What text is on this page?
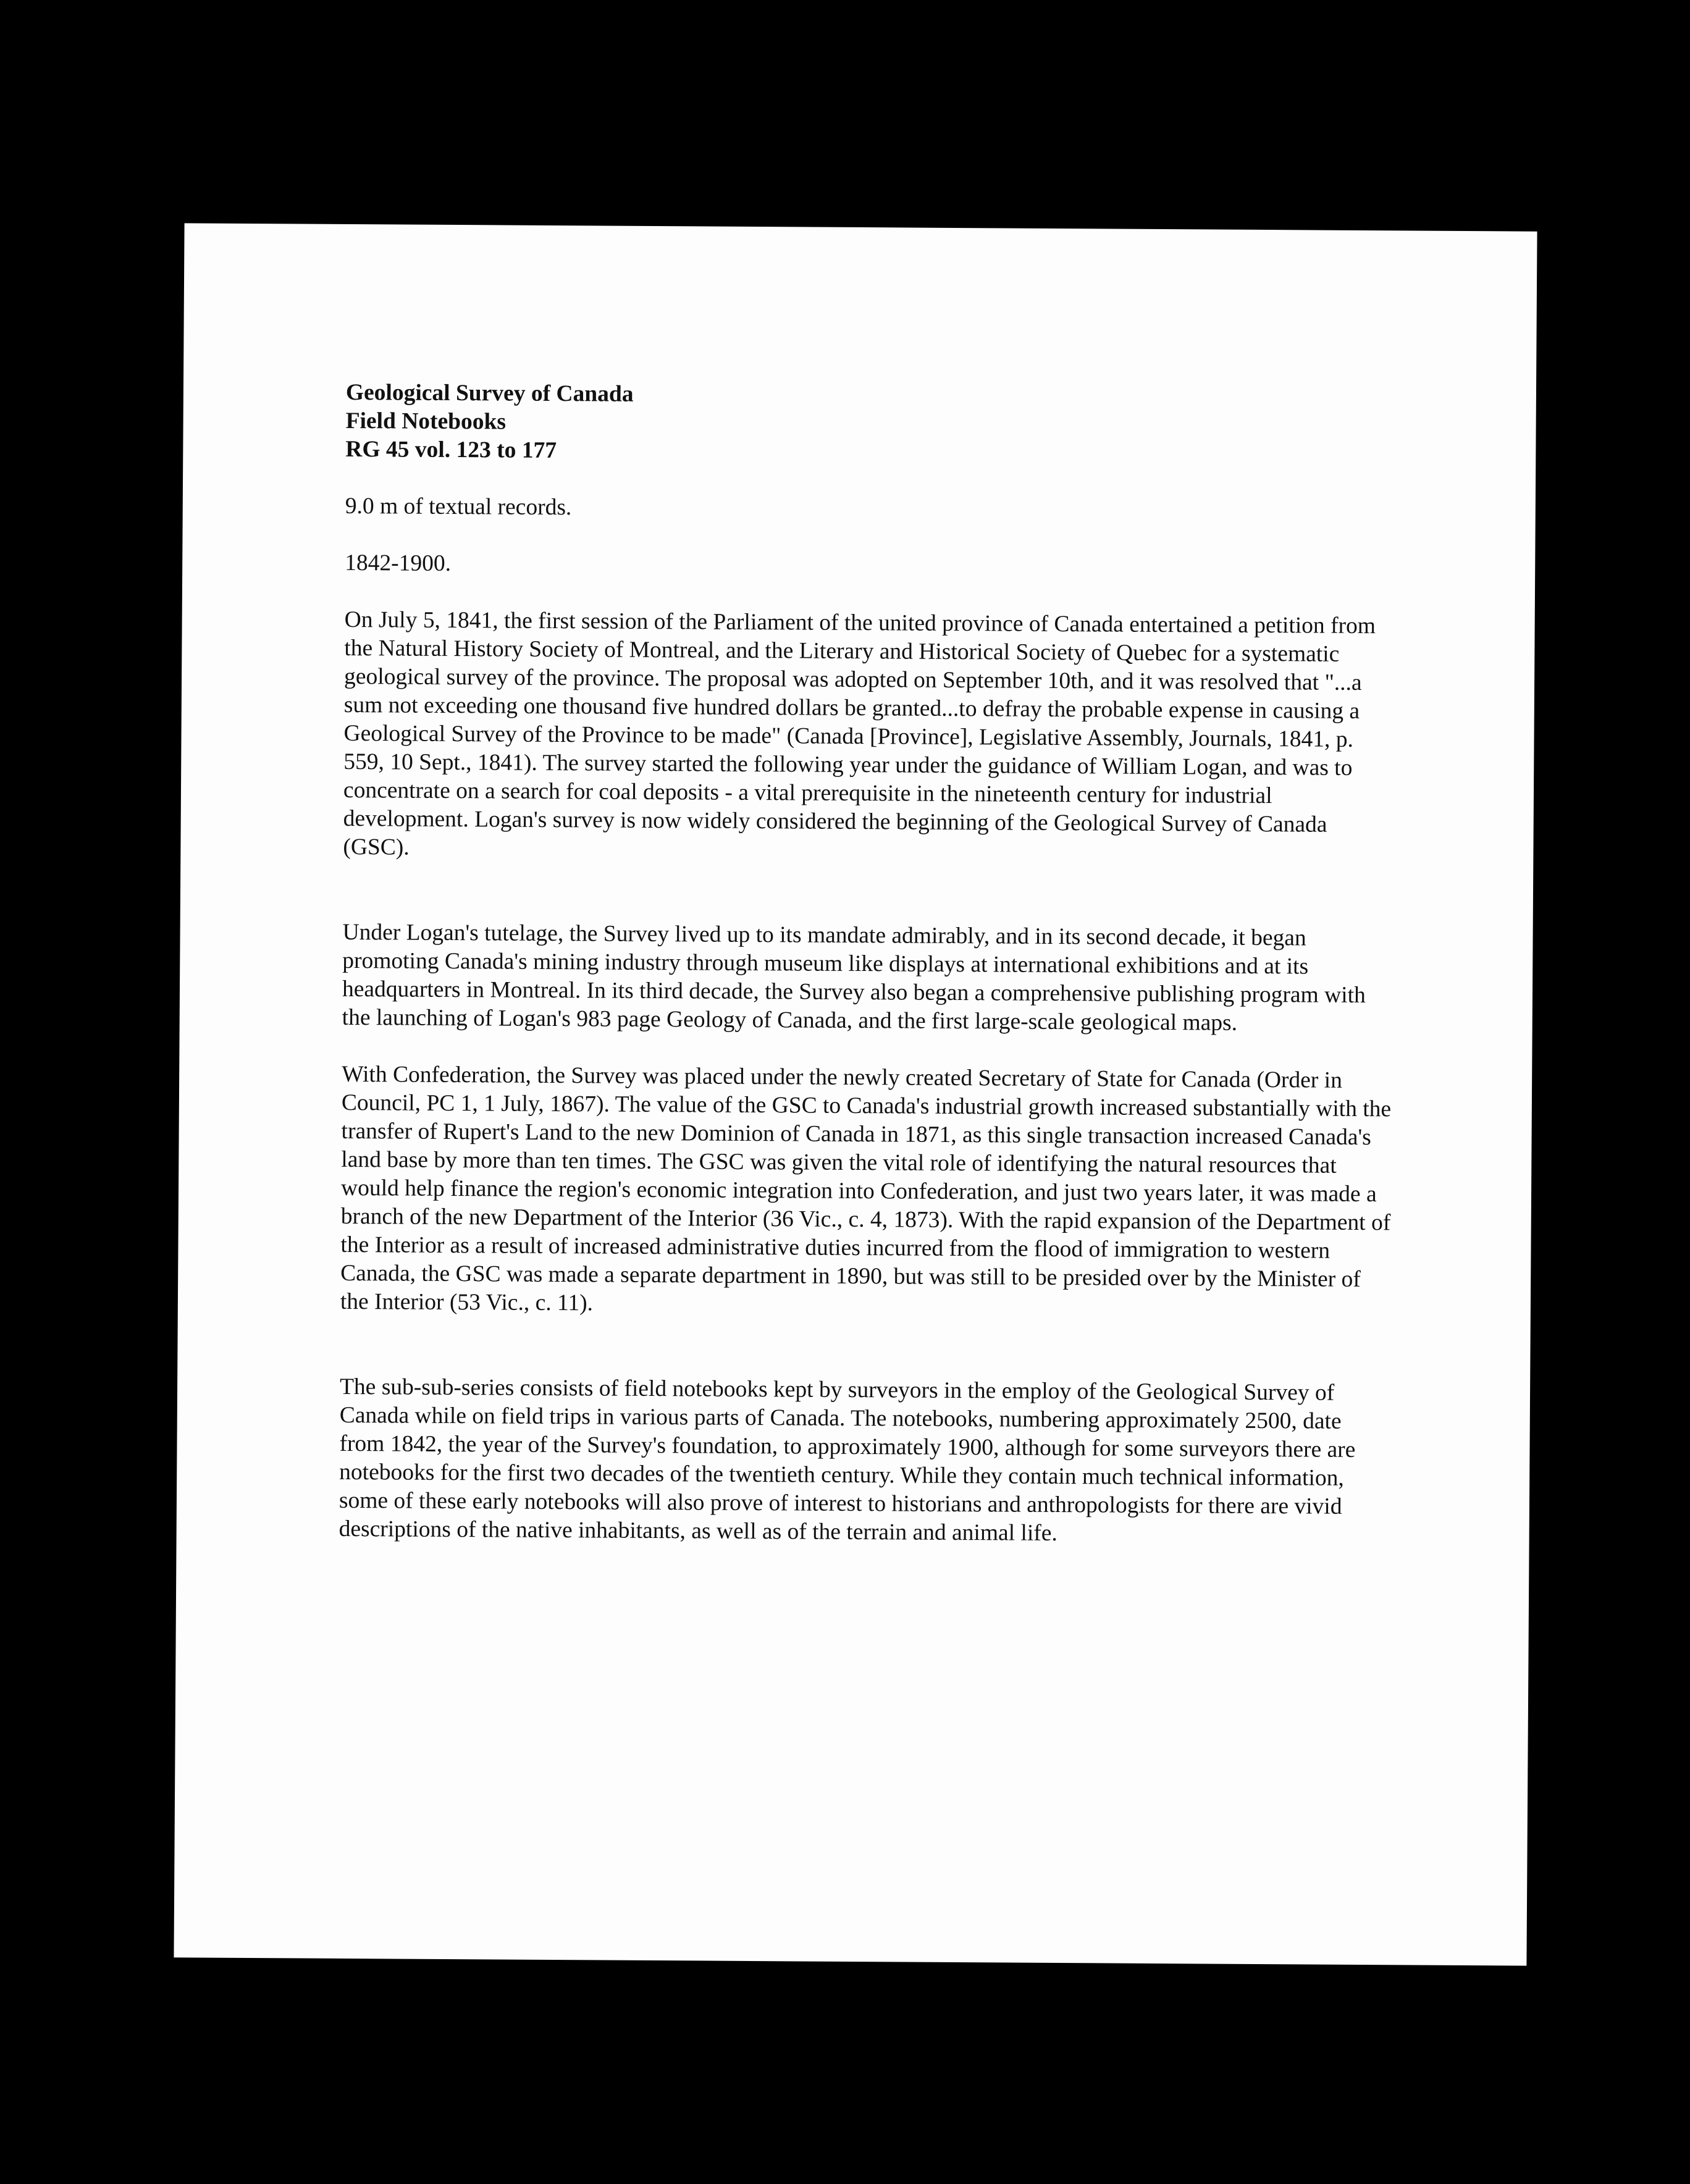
Geological Survey of Canada

Field Notebooks

RG 45 vol. 123 to 177

9.0 m of textual records.

1842-1900.

On July 5, 1841, the first session of the Parliament of the united province of Canada entertained a petition from the Natural History Society of Montreal, and the Literary and Historical Society of Quebec for a systematic geological survey of the province. The proposal was adopted on September 10th, and it was resolved that "...a sum not exceeding one thousand five hundred dollars be granted...to defray the probable expense in causing a Geological Survey of the Province to be made" (Canada [Province], Legislative Assembly, Journals, 1841, p. 559, 10 Sept., 1841). The survey started the following year under the guidance of William Logan, and was to concentrate on a search for coal deposits - a vital prerequisite in the nineteenth century for industrial development. Logan's survey is now widely considered the beginning of the Geological Survey of Canada (GSC).

Under Logan's tutelage, the Survey lived up to its mandate admirably, and in its second decade, it began promoting Canada's mining industry through museum like displays at international exhibitions and at its headquarters in Montreal. In its third decade, the Survey also began a comprehensive publishing program with the launching of Logan's 983 page Geology of Canada, and the first large-scale geological maps.

With Confederation, the Survey was placed under the newly created Secretary of State for Canada (Order in Council, PC 1, 1 July, 1867). The value of the GSC to Canada's industrial growth increased substantially with the transfer of Rupert's Land to the new Dominion of Canada in 1871, as this single transaction increased Canada's land base by more than ten times. The GSC was given the vital role of identifying the natural resources that would help finance the region's economic integration into Confederation, and just two years later, it was made a branch of the new Department of the Interior (36 Vic., c. 4, 1873). With the rapid expansion of the Department of the Interior as a result of increased administrative duties incurred from the flood of immigration to western Canada, the GSC was made a separate department in 1890, but was still to be presided over by the Minister of the Interior (53 Vic., c. 11).

The sub-sub-series consists of field notebooks kept by surveyors in the employ of the Geological Survey of Canada while on field trips in various parts of Canada. The notebooks, numbering approximately 2500, date from 1842, the year of the Survey's foundation, to approximately 1900, although for some surveyors there are notebooks for the first two decades of the twentieth century. While they contain much technical information, some of these early notebooks will also prove of interest to historians and anthropologists for there are vivid descriptions of the native inhabitants, as well as of the terrain and animal life.
